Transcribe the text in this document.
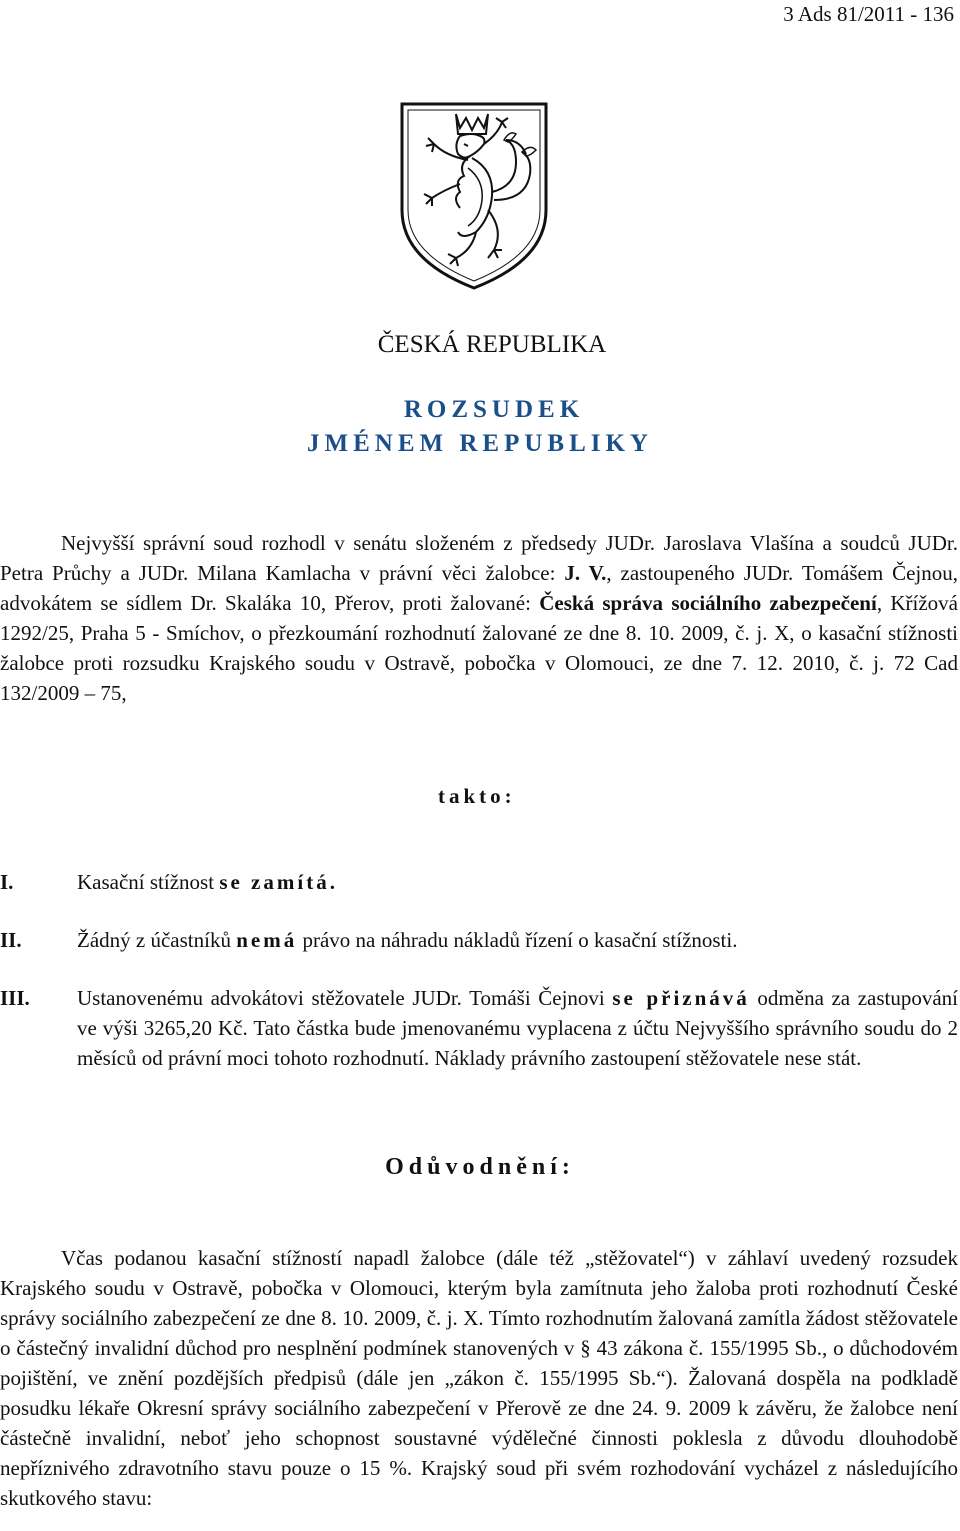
3 Ads 81/2011 - 136
ČESKÁ REPUBLIKA
ROZSUDEK
JMÉNEM REPUBLIKY

Nejvyšší správní soud rozhodl v senátu složeném z předsedy JUDr. Jaroslava Vlašína a soudců JUDr. Petra Průchy a JUDr. Milana Kamlacha v právní věci žalobce: J. V., zastoupeného JUDr. Tomášem Čejnou, advokátem se sídlem Dr. Skaláka 10, Přerov, proti žalované: Česká správa sociálního zabezpečení, Křížová 1292/25, Praha 5 - Smíchov, o přezkoumání rozhodnutí žalované ze dne 8. 10. 2009, č. j. X, o kasační stížnosti žalobce proti rozsudku Krajského soudu v Ostravě, pobočka v Olomouci, ze dne 7. 12. 2010, č. j. 72 Cad 132/2009 – 75,

takto:
I.	Kasační stížnost se zamítá.
II.	Žádný z účastníků nemá právo na náhradu nákladů řízení o kasační stížnosti.
III. Ustanovenému advokátovi stěžovatele JUDr. Tomáši Čejnovi se přiznává odměna za zastupování ve výši 3265,20 Kč. Tato částka bude jmenovanému vyplacena z účtu Nejvyššího správního soudu do 2 měsíců od právní moci tohoto rozhodnutí. Náklady právního zastoupení stěžovatele nese stát.
Odůvodnění:

Včas podanou kasační stížností napadl žalobce (dále též „stěžovatel“) v záhlaví uvedený rozsudek Krajského soudu v Ostravě, pobočka v Olomouci, kterým byla zamítnuta jeho žaloba proti rozhodnutí České správy sociálního zabezpečení ze dne 8. 10. 2009, č. j. X. Tímto rozhodnutím žalovaná zamítla žádost stěžovatele o částečný invalidní důchod pro nesplnění podmínek stanovených v § 43 zákona č. 155/1995 Sb., o důchodovém pojištění, ve znění pozdějších předpisů (dále jen „zákon č. 155/1995 Sb.“). Žalovaná dospěla na podkladě posudku lékaře Okresní správy sociálního zabezpečení v Přerově ze dne 24. 9. 2009 k závěru, že žalobce není částečně invalidní, neboť jeho schopnost soustavné výdělečné činnosti poklesla z důvodu dlouhodobě nepříznivého zdravotního stavu pouze o 15 %. Krajský soud při svém rozhodování vycházel z následujícího skutkového stavu:
